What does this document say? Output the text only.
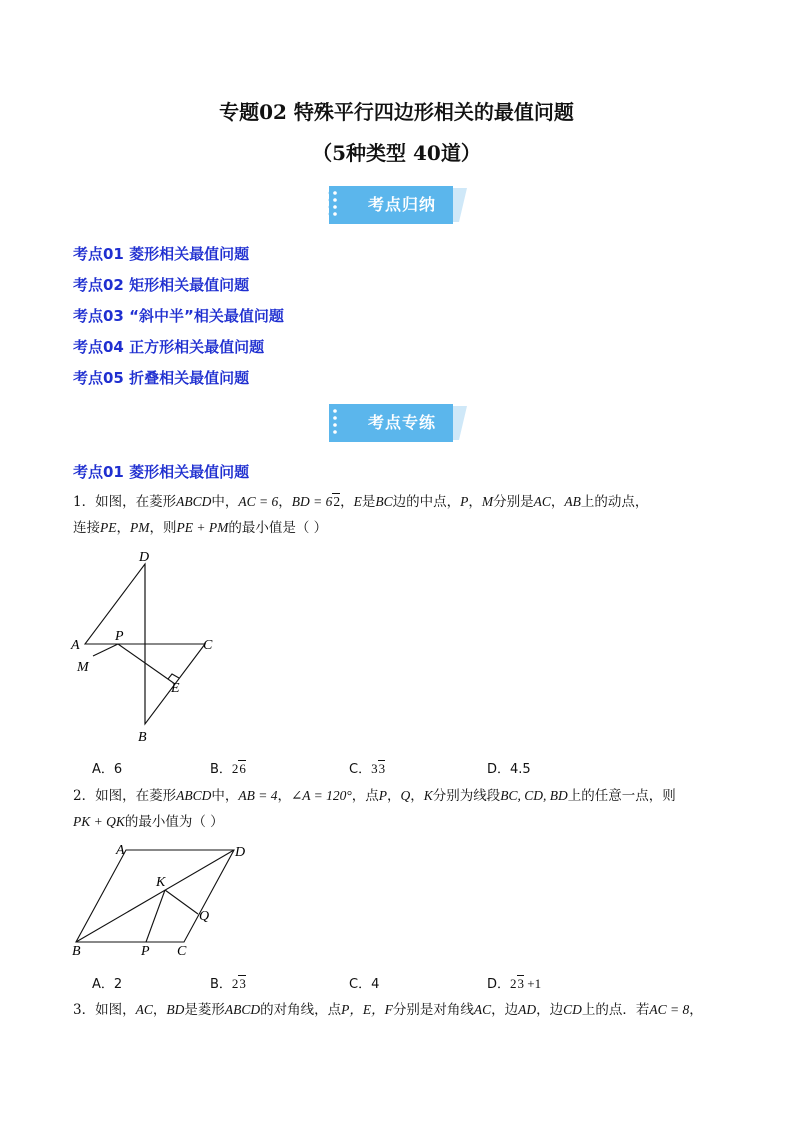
专题02 特殊平行四边形相关的最值问题
（5种类型 40道）
考点归纳
考点01 菱形相关最值问题
考点02 矩形相关最值问题
考点03 “斜中半”相关最值问题
考点04 正方形相关最值问题
考点05 折叠相关最值问题
考点专练
考点01 菱形相关最值问题
1．如图，在菱形ABCD中，AC = 6，BD = 62，E是BC边的中点，P，M分别是AC，AB上的动点，
连接PE，PM，则PE + PM的最小值是（ ）
D
A	C
B
P
M
E
A．6	B．26	C．33	D．4.5
2．如图，在菱形ABCD中，AB = 4，∠A = 120°，点P，Q，K分别为线段BC, CD, BD上的任意一点，则
PK + QK的最小值为（ ）
A	D
K
Q
B	P C
A．2	B．23	C．4	D．23 +1
3．如图，AC，BD是菱形ABCD的对角线，点P，E，F分别是对角线AC，边AD，边CD上的点．若AC = 8，
